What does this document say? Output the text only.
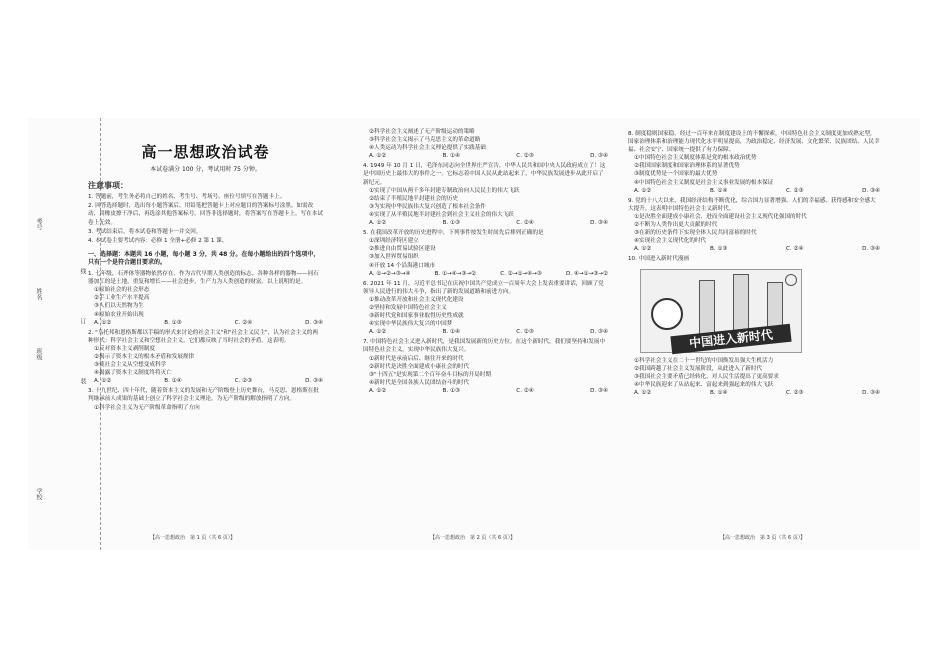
考号
姓名
班级
学校
线
订
装
高一思想政治试卷
本试卷满分 100 分，考试用时 75 分钟。
注意事项：
1. 答题前，考生务必将自己的姓名、考生号、考场号、座位号填写在答题卡上。
2. 回答选择题时，选出每小题答案后，用铅笔把答题卡上对应题目的答案标号涂黑。如需改动，用橡皮擦干净后，再选涂其他答案标号。回答非选择题时，将答案写在答题卡上。写在本试卷上无效。
3. 考试结束后，将本试卷和答题卡一并交回。
4. 本试卷主要考试内容：必修 1 全册+必修 2 第 1 课。
一、选择题：本题共 16 小题，每小题 3 分，共 48 分。在每小题给出的四个选项中，只有一个是符合题目要求的。
1. 七年级，石斧体等器物依然存在，作为古代早期人类创造的标志。各种各样的器物——同石器加工的是土地，重复和增长——社会进步，生产力为人类创造的财富。以上说明的是。
①原始社会的社会形态
②手工业生产水平提高
③人们以天然物为生
④原始农业开始出现
A. ①②	B. ①③	C. ②④	D. ③④
2. "乌托邦和恩格斯都以手稿的形式来讨论的社会主义"和"社会主义民主"，认为社会主义的两种形式：科学社会主义和空想社会主义，它们都反映了当时社会的矛盾。这表明。
①反对资本主义剥削制度
②揭示了资本主义的根本矛盾和发展规律
③使社会主义从空想变成科学
④揭露了资本主义制度终将灭亡
A. ①②	B. ①④	C. ②③	D. ③④
3. 十九世纪、四十年代，随着资本主义的发展和无产阶级登上历史舞台，马克思、恩格斯在批判继承前人成果的基础上创立了科学社会主义理论，为无产阶级的解放指明了方向。
①科学社会主义为无产阶级革命指明了方向
【高一思想政治　第 1 页（共 6 页）】
②科学社会主义阐述了无产阶级运动的策略
③科学社会主义揭示了马克思主义的革命道路
④人类运动为科学社会主义理论提供了实践基础
A. ①②	B. ①④	C. ②③	D. ③④
4. 1949 年 10 月 1 日，毛泽东同志向全世界庄严宣告，中华人民共和国中央人民政府成立了！这是中国历史上最伟大的事件之一。它标志着中国人民从此站起来了，中华民族发展进步从此开启了新纪元。
①实现了中国从两千多年封建专制政治向人民民主的伟大飞跃
②结束了半殖民地半封建社会的历史
③为实现中华民族伟大复兴创造了根本社会条件
④实现了从半殖民地半封建社会到社会主义社会的伟大飞跃
A. ①②	B. ①③	C. ②④	D. ③④
5. 在我国改革开放的历史进程中，下列事件按发生时间先后排列正确的是
①深圳经济特区建立
②推进自由贸易试验区建设
③加入世界贸易组织
④开放 14 个沿海港口城市
A. ①→②→③→④	B. ①→④→③→②	C. ②→①→④→③	D. ④→①→③→②
6. 2021 年 11 月，习近平总书记在庆祝中国共产党成立一百周年大会上发表重要讲话，回顾了党领导人民进行的伟大斗争，指出了新的发展道路和前进方向。
①推动改革开放和社会主义现代化建设
②坚持和发展中国特色社会主义
③新时代党和国家事业取得历史性成就
④实现中华民族伟大复兴的中国梦
A. ①②	B. ①④	C. ②③	D. ③④
7. 中国特色社会主义进入新时代，是我国发展新的历史方位。在这个新时代，我们要坚持和发展中国特色社会主义，实现中华民族伟大复兴。
①新时代是承前启后、继往开来的时代
②新时代是决胜全面建成小康社会的时代
③"十四五"是实现第二个百年奋斗目标的开局时期
④新时代是全国各族人民团结奋斗的时代
A. ①②	B. ①③	C. ②④	D. ③④
【高一思想政治　第 2 页（共 6 页）】
8. 制度稳则国家稳。经过一百年来在制度建设上的不懈探索，中国特色社会主义制度更加成熟定型，国家治理体系和治理能力现代化水平明显提高，为政治稳定、经济发展、文化繁荣、民族团结、人民幸福、社会安宁、国家统一提供了有力保障。
①中国特色社会主义制度体系是党的根本政治优势
②我国国家制度和国家治理体系的显著优势
③制度优势是一个国家的最大优势
④中国特色社会主义制度是社会主义事业发展的根本保证
A. ①②	B. ①④	C. ②③	D. ③④
9. 党的十八大以来，我国经济结构不断优化，综合国力显著增强。人们的幸福感、获得感和安全感大大提升。这表明中国特色社会主义新时代。
①是决胜全面建成小康社会、进而全面建设社会主义现代化强国的时代
②不断为人类作出更大贡献的时代
③在新的历史条件下实现全体人民共同富裕的时代
④实现社会主义现代化的时代
A. ①②	B. ①③	C. ②④	D. ③④
10. 中国进入新时代漫画
中国进入新时代
①科学社会主义在二十一世纪的中国焕发出强大生机活力
②我国跨越了社会主义发展阶段，从此进入了新时代
③我国社会主要矛盾已经转化，对人民生活提出了更高要求
④中华民族迎来了从站起来、富起来到强起来的伟大飞跃
A. ①②	B. ①④	C. ②③	D. ③④
【高一思想政治　第 3 页（共 6 页）】
